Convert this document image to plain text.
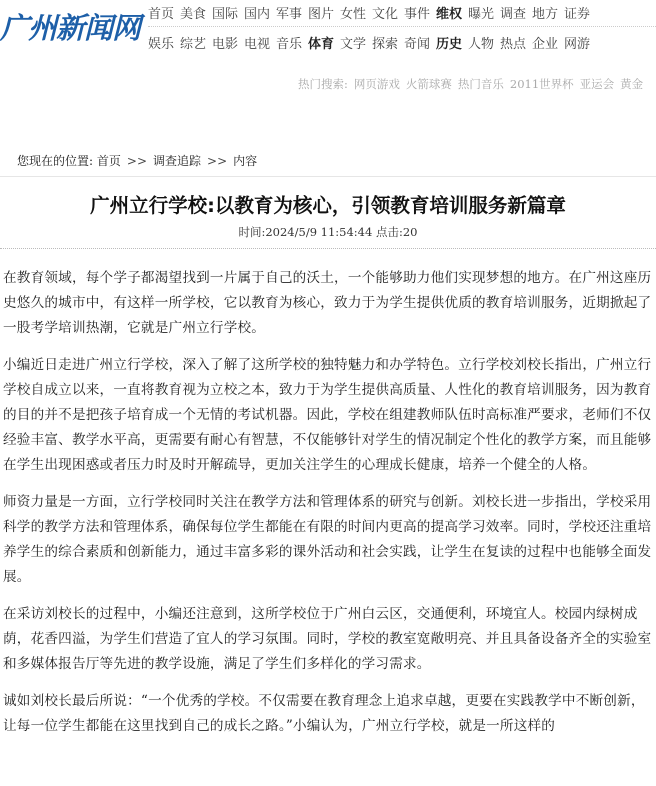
广州新闻网 首页 美食 国际 国内 军事 图片 女性 文化 事件 维权 曝光 调查 地方 证券
娱乐 综艺 电影 电视 音乐 体育 文学 探索 奇闻 历史 人物 热点 企业 网游
热门搜索: 网页游戏 火箭球赛 热门音乐 2011世界杯 亚运会 黄金
您现在的位置: 首页 >> 调查追踪 >> 内容
广州立行学校:以教育为核心，引领教育培训服务新篇章
时间:2024/5/9 11:54:44 点击:20

在教育领域，每个学子都渴望找到一片属于自己的沃土，一个能够助力他们实现梦想的地方。在广州这座历史悠久的城市中，有这样一所学校，它以教育为核心，致力于为学生提供优质的教育培训服务，近期掀起了一股考学培训热潮，它就是广州立行学校。

小编近日走进广州立行学校，深入了解了这所学校的独特魅力和办学特色。立行学校刘校长指出，广州立行学校自成立以来，一直将教育视为立校之本，致力于为学生提供高质量、人性化的教育培训服务，因为教育的目的并不是把孩子培育成一个无情的考试机器。因此，学校在组建教师队伍时高标准严要求，老师们不仅经验丰富、教学水平高，更需要有耐心有智慧，不仅能够针对学生的情况制定个性化的教学方案，而且能够在学生出现困惑或者压力时及时开解疏导，更加关注学生的心理成长健康，培养一个健全的人格。

师资力量是一方面，立行学校同时关注在教学方法和管理体系的研究与创新。刘校长进一步指出，学校采用科学的教学方法和管理体系，确保每位学生都能在有限的时间内更高的提高学习效率。同时，学校还注重培养学生的综合素质和创新能力，通过丰富多彩的课外活动和社会实践，让学生在复读的过程中也能够全面发展。

在采访刘校长的过程中，小编还注意到，这所学校位于广州白云区，交通便利，环境宜人。校园内绿树成荫，花香四溢，为学生们营造了宜人的学习氛围。同时，学校的教室宽敞明亮、并且具备设备齐全的实验室和多媒体报告厅等先进的教学设施，满足了学生们多样化的学习需求。

诚如刘校长最后所说：“一个优秀的学校。不仅需要在教育理念上追求卓越，更要在实践教学中不断创新，让每一位学生都能在这里找到自己的成长之路。”小编认为，广州立行学校，就是一所这样的
